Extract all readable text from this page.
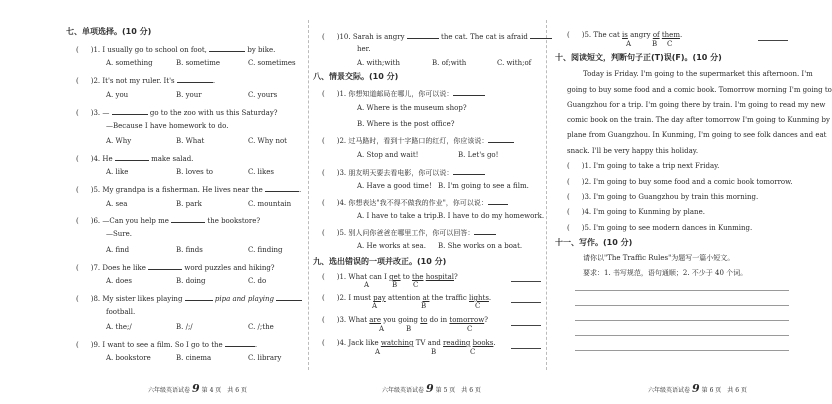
七、单项选择。(10 分)
( )1. I usually go to school on foot,	by bike.
A. something	B. sometime	C. sometimes
( )2. It's not my ruler. It's	.
A. you	B. your	C. yours
( )3. —	go to the zoo with us this Saturday?
—Because I have homework to do.
A. Why	B. What	C. Why not
( )4. He	make salad.
A. like	B. loves to	C. likes
( )5. My grandpa is a fisherman. He lives near the	.
A. sea	B. park	C. mountain
( )6. —Can you help me	the bookstore?
—Sure.
A. find	B. finds	C. finding
( )7. Does he like	word puzzles and hiking?
A. does	B. doing	C. do
( )8. My sister likes playing	pipa and playing
football.
A. the;/	B. /;/	C. /;the
( )9. I want to see a film. So I go to the	.
A. bookstore	B. cinema	C. library
六年级英语试卷 9 第 4 页　共 6 页
( )10. Sarah is angry	the cat. The cat is afraid
her.
A. with;with	B. of;with	C. with;of
八、情景交际。(10 分)
( )1. 你想知道邮局在哪儿，你可以说：
A. Where is the museum shop?
B. Where is the post office?
( )2. 过马路时，看到十字路口的红灯，你应该说：
A. Stop and wait!	B. Let's go!
( )3. 朋友明天要去看电影，你可以说：
A. Have a good time! B. I'm going to see a film.
( )4. 你想表达"我不得不做我的作业"，你可以说：
A. I have to take a trip. B. I have to do my homework.
( )5. 别人问你爸爸在哪里工作，你可以回答：
A. He works at sea. B. She works on a boat.
九、选出错误的一项并改正。(10 分)
( )1. What can I get to the hospital?
A	B C
( )2. I must pay attention at the traffic lights.
A	B	C
( )3. What are you going to do in tomorrow?
A	B	C
( )4. Jack like watching TV and reading books.
A	B	C
六年级英语试卷 9 第 5 页　共 6 页
( )5. The cat is angry of them.
A	B C
十、阅读短文，判断句子正(T)误(F)。(10 分)
Today is Friday. I'm going to the supermarket this afternoon. I'm
going to buy some food and a comic book. Tomorrow morning I'm going to
Guangzhou for a trip. I'm going there by train. I'm going to read my new
comic book on the train. The day after tomorrow I'm going to Kunming by
plane from Guangzhou. In Kunming, I'm going to see folk dances and eat
snack. I'll be very happy this holiday.
( )1. I'm going to take a trip next Friday.
( )2. I'm going to buy some food and a comic book tomorrow.
( )3. I'm going to Guangzhou by train this morning.
( )4. I'm going to Kunming by plane.
( )5. I'm going to see modern dances in Kunming.
十一、写作。(10 分)
请你以"The Traffic Rules"为题写一篇小短文。
要求：1. 书写规范，语句通顺；2. 不少于 40 个词。
六年级英语试卷 9 第 6 页　共 6 页
